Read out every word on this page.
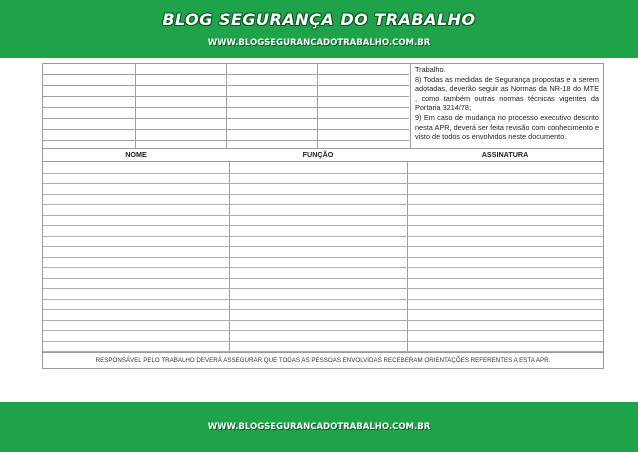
BLOG SEGURANÇA DO TRABALHO
WWW.BLOGSEGURANCADOTRABALHO.COM.BR

Trabalho.

8) Todas as medidas de Segurança propostas e a serem adotadas, deverão seguir as Normas da NR-18 do MTE , como também outras normas técnicas vigentes da Portaria 3214/78;

9) Em caso de mudança no processo executivo descrito nesta APR, deverá ser feita revisão com conhecimento e visto de todos os envolvidos neste documento.

NOME	FUNÇÃO	ASSINATURA
RESPONSÁVEL PELO TRABALHO DEVERÁ ASSEGURAR QUE TODAS AS PESSOAS ENVOLVIDAS RECEBERAM ORIENTAÇÕES REFERENTES A ESTA APR.
WWW.BLOGSEGURANCADOTRABALHO.COM.BR
